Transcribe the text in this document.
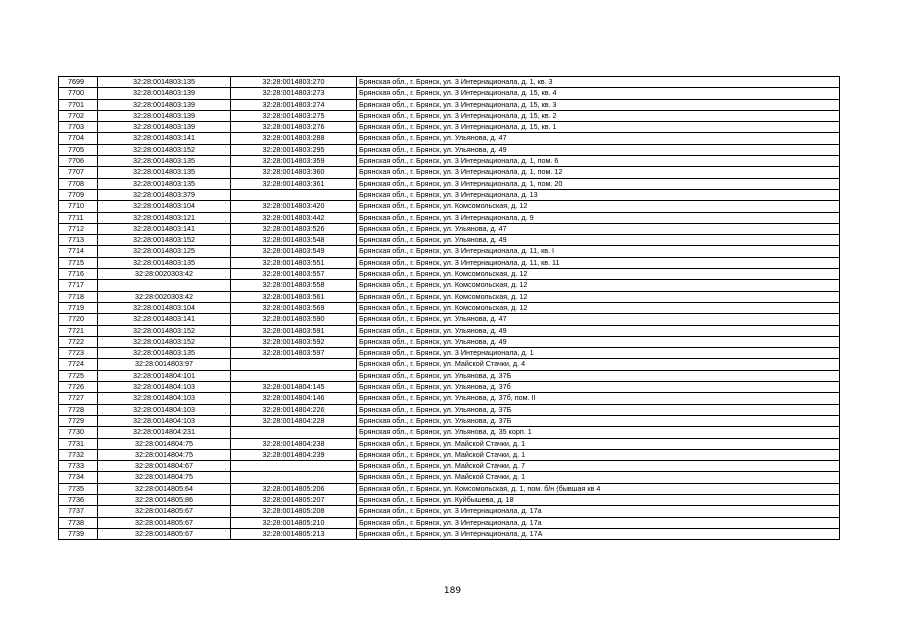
7699	32:28:0014803:135	32:28:0014803:270	Брянская обл., г. Брянск, ул. 3 Интернационала, д. 1, кв. 3
7700	32:28:0014803:139	32:28:0014803:273	Брянская обл., г. Брянск, ул. 3 Интернационала, д. 15, кв. 4
7701	32:28:0014803:139	32:28:0014803:274	Брянская обл., г. Брянск, ул. 3 Интернационала, д. 15, кв. 3
7702	32:28:0014803:139	32:28:0014803:275	Брянская обл., г. Брянск, ул. 3 Интернационала, д. 15, кв. 2
7703	32:28:0014803:139	32:28:0014803:276	Брянская обл., г. Брянск, ул. 3 Интернационала, д. 15, кв. 1
7704	32:28:0014803:141	32:28:0014803:288	Брянская обл., г. Брянск, ул. Ульянова, д. 47
7705	32:28:0014803:152	32:28:0014803:295	Брянская обл., г. Брянск, ул. Ульянова, д. 49
7706	32:28:0014803:135	32:28:0014803:359	Брянская обл., г. Брянск, ул. 3 Интернационала, д. 1, пом. 6
7707	32:28:0014803:135	32:28:0014803:360	Брянская обл., г. Брянск, ул. 3 Интернационала, д. 1, пом. 12
7708	32:28:0014803:135	32:28:0014803:361	Брянская обл., г. Брянск, ул. 3 Интернационала, д. 1, пом. 20
7709	32:28:0014803:379		Брянская обл., г. Брянск, ул. 3 Интернационала, д. 13
7710	32:28:0014803:104	32:28:0014803:420	Брянская обл., г. Брянск, ул. Комсомольская, д. 12
7711	32:28:0014803:121	32:28:0014803:442	Брянская обл., г. Брянск, ул. 3 Интернационала, д. 9
7712	32:28:0014803:141	32:28:0014803:526	Брянская обл., г. Брянск, ул. Ульянова, д. 47
7713	32:28:0014803:152	32:28:0014803:548	Брянская обл., г. Брянск, ул. Ульянова, д. 49
7714	32:28:0014803:125	32:28:0014803:549	Брянская обл., г. Брянск, ул. 3 Интернационала, д. 11, кв. I
7715	32:28:0014803:135	32:28:0014803:551	Брянская обл., г. Брянск, ул. 3 Интернационала, д. 11, кв. 11
7716	32:28:0020303:42	32:28:0014803:557	Брянская обл., г. Брянск, ул. Комсомольская, д. 12
7717		32:28:0014803:558	Брянская обл., г. Брянск, ул. Комсомольская, д. 12
7718	32:28:0020303:42	32:28:0014803:561	Брянская обл., г. Брянск, ул. Комсомольская, д. 12
7719	32:28:0014803:104	32:28:0014803:569	Брянская обл., г. Брянск, ул. Комсомольская, д. 12
7720	32:28:0014803:141	32:28:0014803:590	Брянская обл., г. Брянск, ул. Ульянова, д. 47
7721	32:28:0014803:152	32:28:0014803:591	Брянская обл., г. Брянск, ул. Ульянова, д. 49
7722	32:28:0014803:152	32:28:0014803:592	Брянская обл., г. Брянск, ул. Ульянова, д. 49
7723	32:28:0014803:135	32:28:0014803:597	Брянская обл., г. Брянск, ул. 3 Интернационала, д. 1
7724	32:28:0014803:97		Брянская обл., г. Брянск, ул. Майской Стачки, д. 4
7725	32:28:0014804:101		Брянская обл., г. Брянск, ул. Ульянова, д. 37Б
7726	32:28:0014804:103	32:28:0014804:145	Брянская обл., г. Брянск, ул. Ульянова, д. 37б
7727	32:28:0014804:103	32:28:0014804:146	Брянская обл., г. Брянск, ул. Ульянова, д. 37б, пом. II
7728	32:28:0014804:103	32:28:0014804:226	Брянская обл., г. Брянск, ул. Ульянова, д. 37Б
7729	32:28:0014804:103	32:28:0014804:228	Брянская обл., г. Брянск, ул. Ульянова, д. 37Б
7730	32:28:0014804:231		Брянская обл., г. Брянск, ул. Ульянова, д. 35 корп. 1
7731	32:28:0014804:75	32:28:0014804:238	Брянская обл., г. Брянск, ул. Майской Стачки, д. 1
7732	32:28:0014804:75	32:28:0014804:239	Брянская обл., г. Брянск, ул. Майской Стачки, д. 1
7733	32:28:0014804:67		Брянская обл., г. Брянск, ул. Майской Стачки, д. 7
7734	32:28:0014804:75		Брянская обл., г. Брянск, ул. Майской Стачки, д. 1
7735	32:28:0014805:64	32:28:0014805:206	Брянская обл., г. Брянск, ул. Комсомольская, д. 1, пом. б/н (бывшая кв 4
7736	32:28:0014805:86	32:28:0014805:207	Брянская обл., г. Брянск, ул. Куйбышева, д. 18
7737	32:28:0014805:67	32:28:0014805:208	Брянская обл., г. Брянск, ул. 3 Интернационала, д. 17а
7738	32:28:0014805:67	32:28:0014805:210	Брянская обл., г. Брянск, ул. 3 Интернационала, д. 17а
7739	32:28:0014805:67	32:28:0014805:213	Брянская обл., г. Брянск, ул. 3 Интернационала, д. 17А
189
